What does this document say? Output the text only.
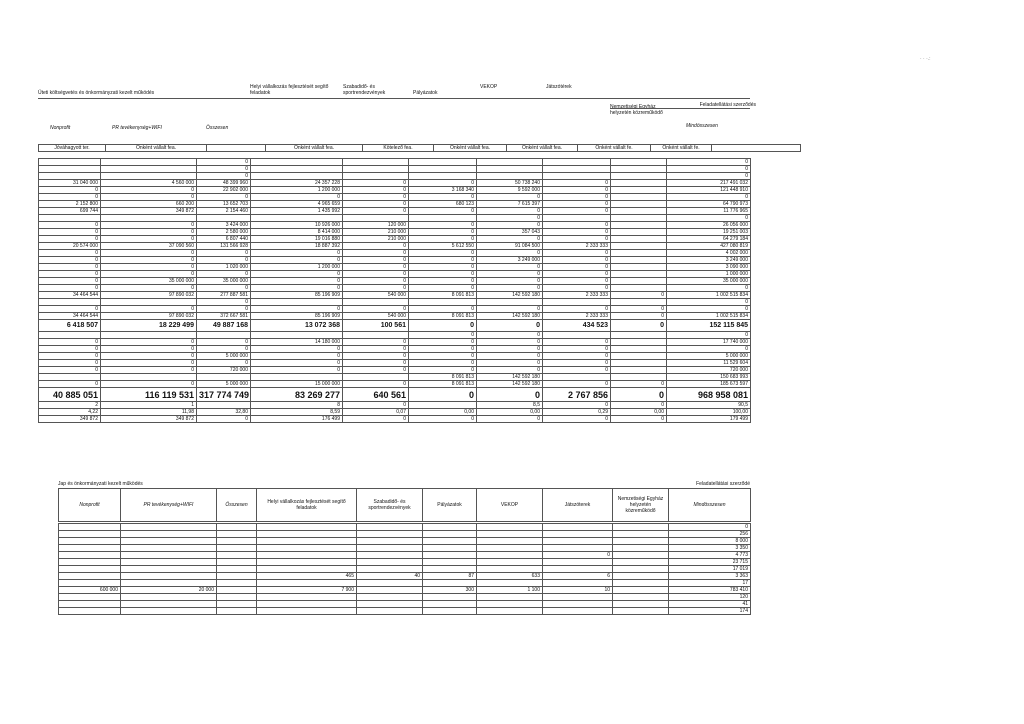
Üteti költségvetés és önkormányzati kezelt működés
Helyi vállalkozás fejlesztését segítő feladatok
Szabadidő- és sportrendezvények	Pályázatok
VEKOP	Játszótérek
Nemzetiségi Egyház helyzetén közreműködő
Feladatellátási szerződés
Nonprofit	PR tevékenység+WIFI	Összesen	Mindösszesen
Jóváhagyott ter.	Önként vállalt fea.		Önként vállalt fea.	Kötelező fea.	Önként vállalt fea.	Önként vállalt fea.	Önként vállalt fe.	Önként vállalt fe.	
		0							0
		0							0
		0							0
31 040 000	4 560 000	48 399 960	24 357 228	0	0	50 738 240	0		217 491 032
0	0	22 902 000	1 200 000	0	3 168 340	9 592 000	0		121 448 910
0	0	0	0	0	0	0	0		0
2 152 800	660 200	13 652 703	4 965 659	0	680 123	7 615 397	0		64 790 973
699 744	349 872	2 154 460	1 435 992	0	0	0	0		11 776 965
						0			0
0	0	3 424 000	10 926 000	120 000	0	0	0		26 056 000
0	0	2 580 000	8 414 000	210 000	0	357 043	0		19 251 003
0	0	6 807 440	19 016 880	210 000	0	0	0		64 279 184
20 574 000	37 090 560	131 566 928	18 887 392	0	5 612 550	91 084 500	2 333 333		427 080 819
0	0	0	0	0	0	0	0		4 002 000
0	0	0	0	0	0	3 249 000	0		3 249 000
0	0	1 020 000	1 200 000	0	0	0	0		3 090 000
0	0	0	0	0	0	0	0		1 000 000
0	35 000 000	35 000 000	0	0	0	0	0		35 000 000
0	0	0	0	0	0	0	0		0
34 464 544	97 890 032	277 887 581	85 196 909	540 000	8 091 813	142 592 180	2 333 333	0	1 002 515 834
		0							0
0	0	0	0	0	0	0	0	0	0
34 464 544	97 890 032	372 667 581	85 196 909	540 000	8 091 813	142 592 180	2 333 333	0	1 002 515 834
6 418 507	18 229 499	49 887 168	13 072 368	100 561	0	0	434 523	0	152 115 845
					0	0			0
0	0	0	14 180 000	0	0	0	0		17 740 000
0	0	0	0	0	0	0	0		0
0	0	5 000 000	0	0	0	0	0		5 000 000
0	0	0	0	0	0	0	0		11 529 604
0	0	720 000	0	0	0	0	0		720 000
					8 091 813	142 592 180			150 683 993
0	0	5 000 000	15 000 000	0	8 091 813	142 592 180	0	0	185 673 597
40 885 051	116 119 531	317 774 749	83 269 277	640 561	0	0	2 767 856	0	968 958 081
2	1		8	0		8,5	0	0	90,5
4,22	11,98	32,80	8,59	0,07	0,00	0,00	0,29	0,00	100,00
349 872	349 872	0	176 499	0	0	0	0	0	179 499
Jap és önkormányzati kezelt működés	Feladatellátási szerződé
Nonprofit	PR tevékenység+WIFI	Összesen	Helyi vállalkozás fejlesztését segítő feladatok	Szabadidő- és sportrendezvények	Pályázatok	VEKOP	Játszóterek	Nemzetiségi Egyház helyzetén közreműködő	Mindösszesen
									0
									256
									8 000
									3 350
							0		4 773
									23 715
									17 019
			465	40	87	633	6		3 363
									17
600 000	20 000		7 900		300	1 100	10		783 410
									120
									41
									174
· · ·.:
